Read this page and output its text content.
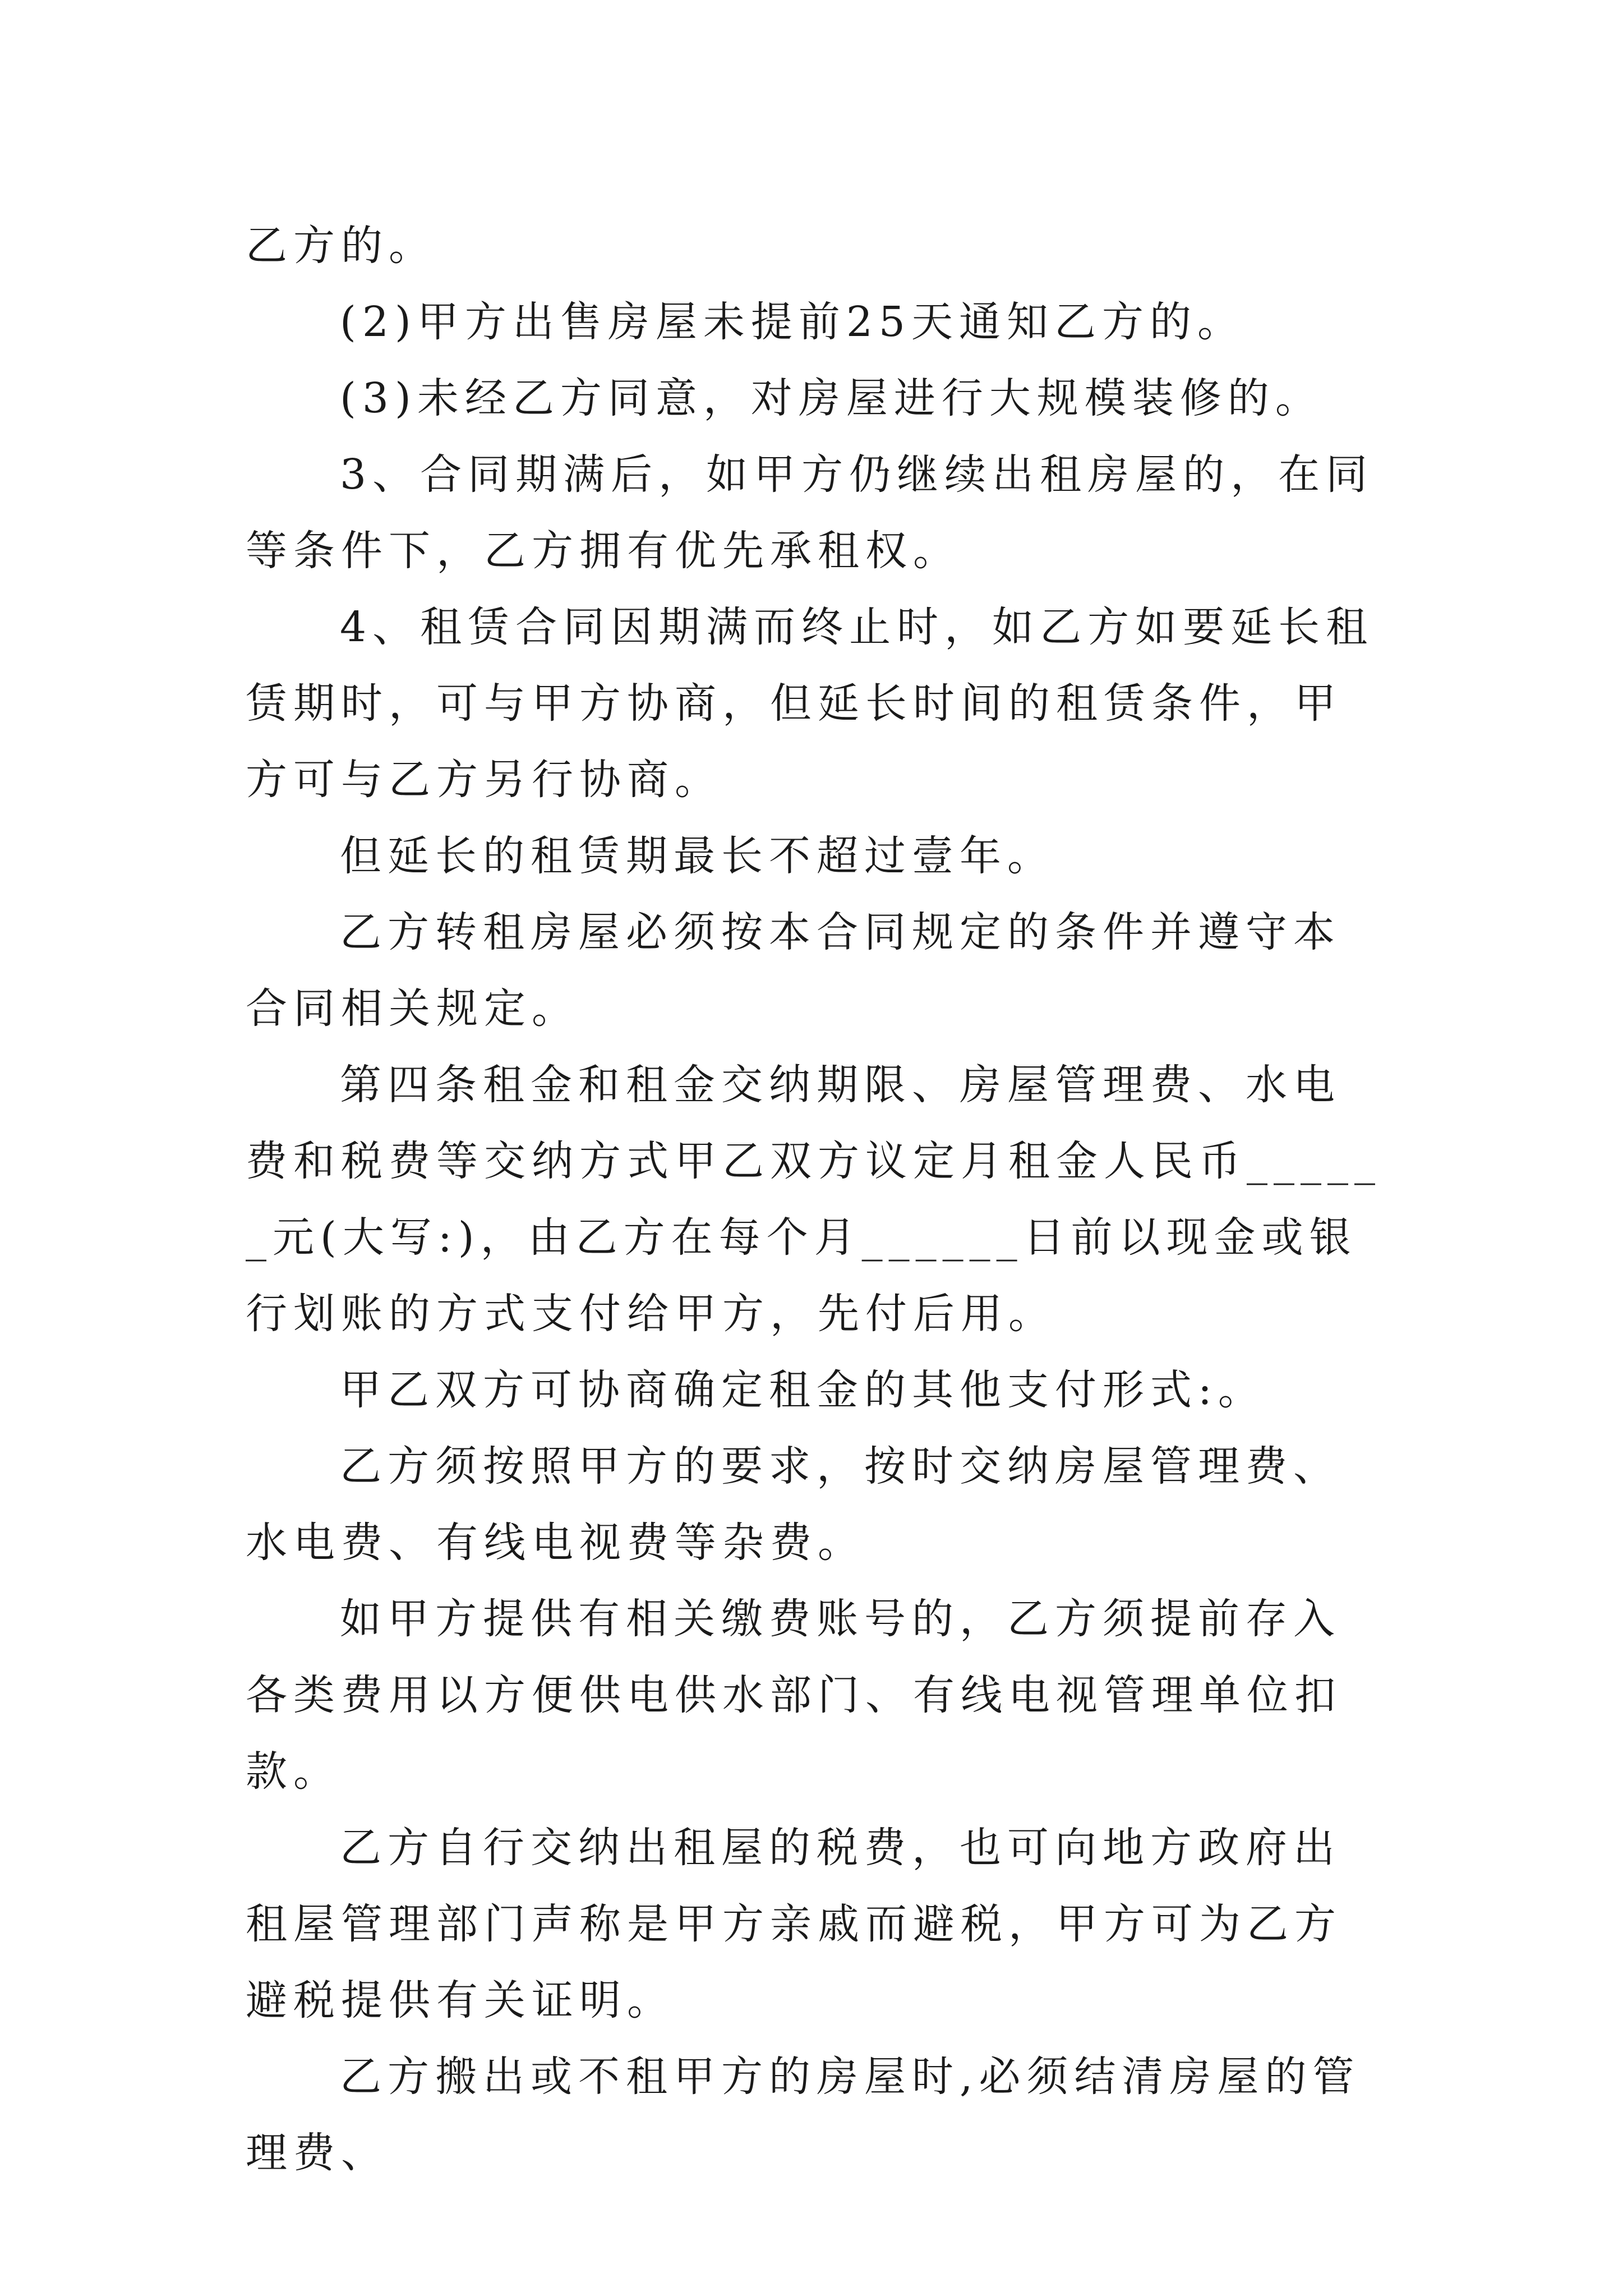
乙方的。

(2)甲方出售房屋未提前25天通知乙方的。

(3)未经乙方同意，对房屋进行大规模装修的。

3、合同期满后，如甲方仍继续出租房屋的，在同等条件下，乙方拥有优先承租权。

4、租赁合同因期满而终止时，如乙方如要延长租赁期时，可与甲方协商，但延长时间的租赁条件，甲方可与乙方另行协商。

但延长的租赁期最长不超过壹年。

乙方转租房屋必须按本合同规定的条件并遵守本合同相关规定。

第四条租金和租金交纳期限、房屋管理费、水电费和税费等交纳方式甲乙双方议定月租金人民币______元(大写:)，由乙方在每个月______日前以现金或银行划账的方式支付给甲方，先付后用。

甲乙双方可协商确定租金的其他支付形式:。

乙方须按照甲方的要求，按时交纳房屋管理费、水电费、有线电视费等杂费。

如甲方提供有相关缴费账号的，乙方须提前存入各类费用以方便供电供水部门、有线电视管理单位扣款。

乙方自行交纳出租屋的税费，也可向地方政府出租屋管理部门声称是甲方亲戚而避税，甲方可为乙方避税提供有关证明。

乙方搬出或不租甲方的房屋时,必须结清房屋的管理费、
